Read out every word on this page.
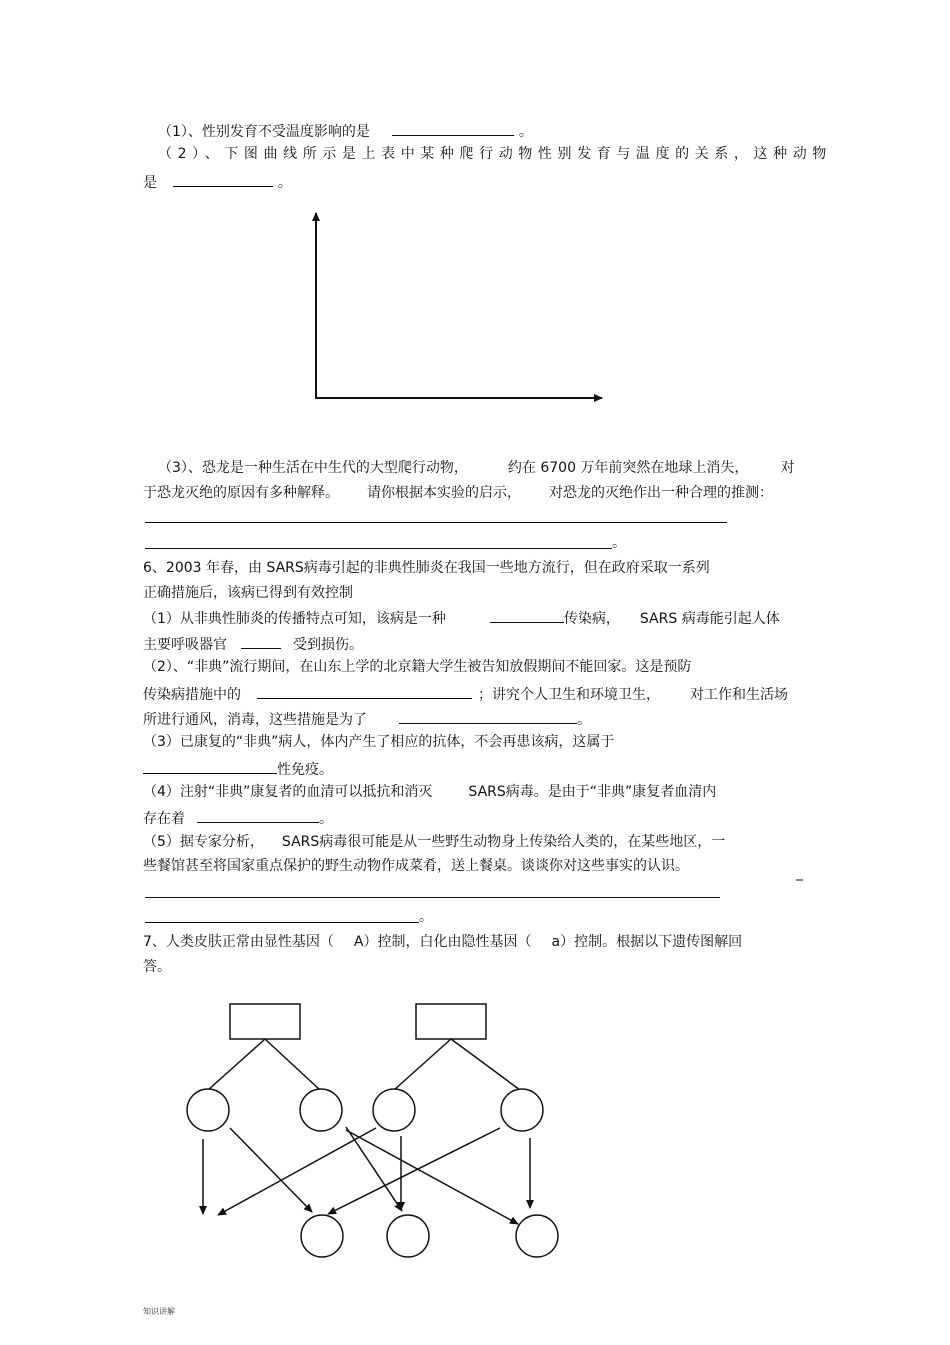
（1）、性别发育不受温度影响的是	。
（2）、下图曲线所示是上表中某种爬行动物性别发育与温度的关系，这种动物
是	。
（3）、恐龙是一种生活在中生代的大型爬行动物，	约在 6700 万年前突然在地球上消失， 对
于恐龙灭绝的原因有多种解释。 请你根据本实验的启示， 对恐龙的灭绝作出一种合理的推测：
。
6、2003 年春，由 SARS病毒引起的非典性肺炎在我国一些地方流行，但在政府采取一系列
正确措施后，该病已得到有效控制
（1）从非典性肺炎的传播特点可知，该病是一种	传染病， SARS 病毒能引起人体
主要呼吸器官	受到损伤。
（2）、“非典”流行期间，在山东上学的北京籍大学生被告知放假期间不能回家。这是预防
传染病措施中的	；讲究个人卫生和环境卫生， 对工作和生活场
所进行通风，消毒，这些措施是为了	。
（3）已康复的“非典”病人，体内产生了相应的抗体，不会再患该病，这属于
性免疫。
（4）注射“非典”康复者的血清可以抵抗和消灭	SARS病毒。是由于“非典”康复者血清内
存在着	。
（5）据专家分析， SARS病毒很可能是从一些野生动物身上传染给人类的，在某些地区，一
些餐馆甚至将国家重点保护的野生动物作成菜肴，送上餐桌。谈谈你对这些事实的认识。	_
。
7、人类皮肤正常由显性基因（ A）控制，白化由隐性基因（ a）控制。根据以下遗传图解回
答。
知识讲解
